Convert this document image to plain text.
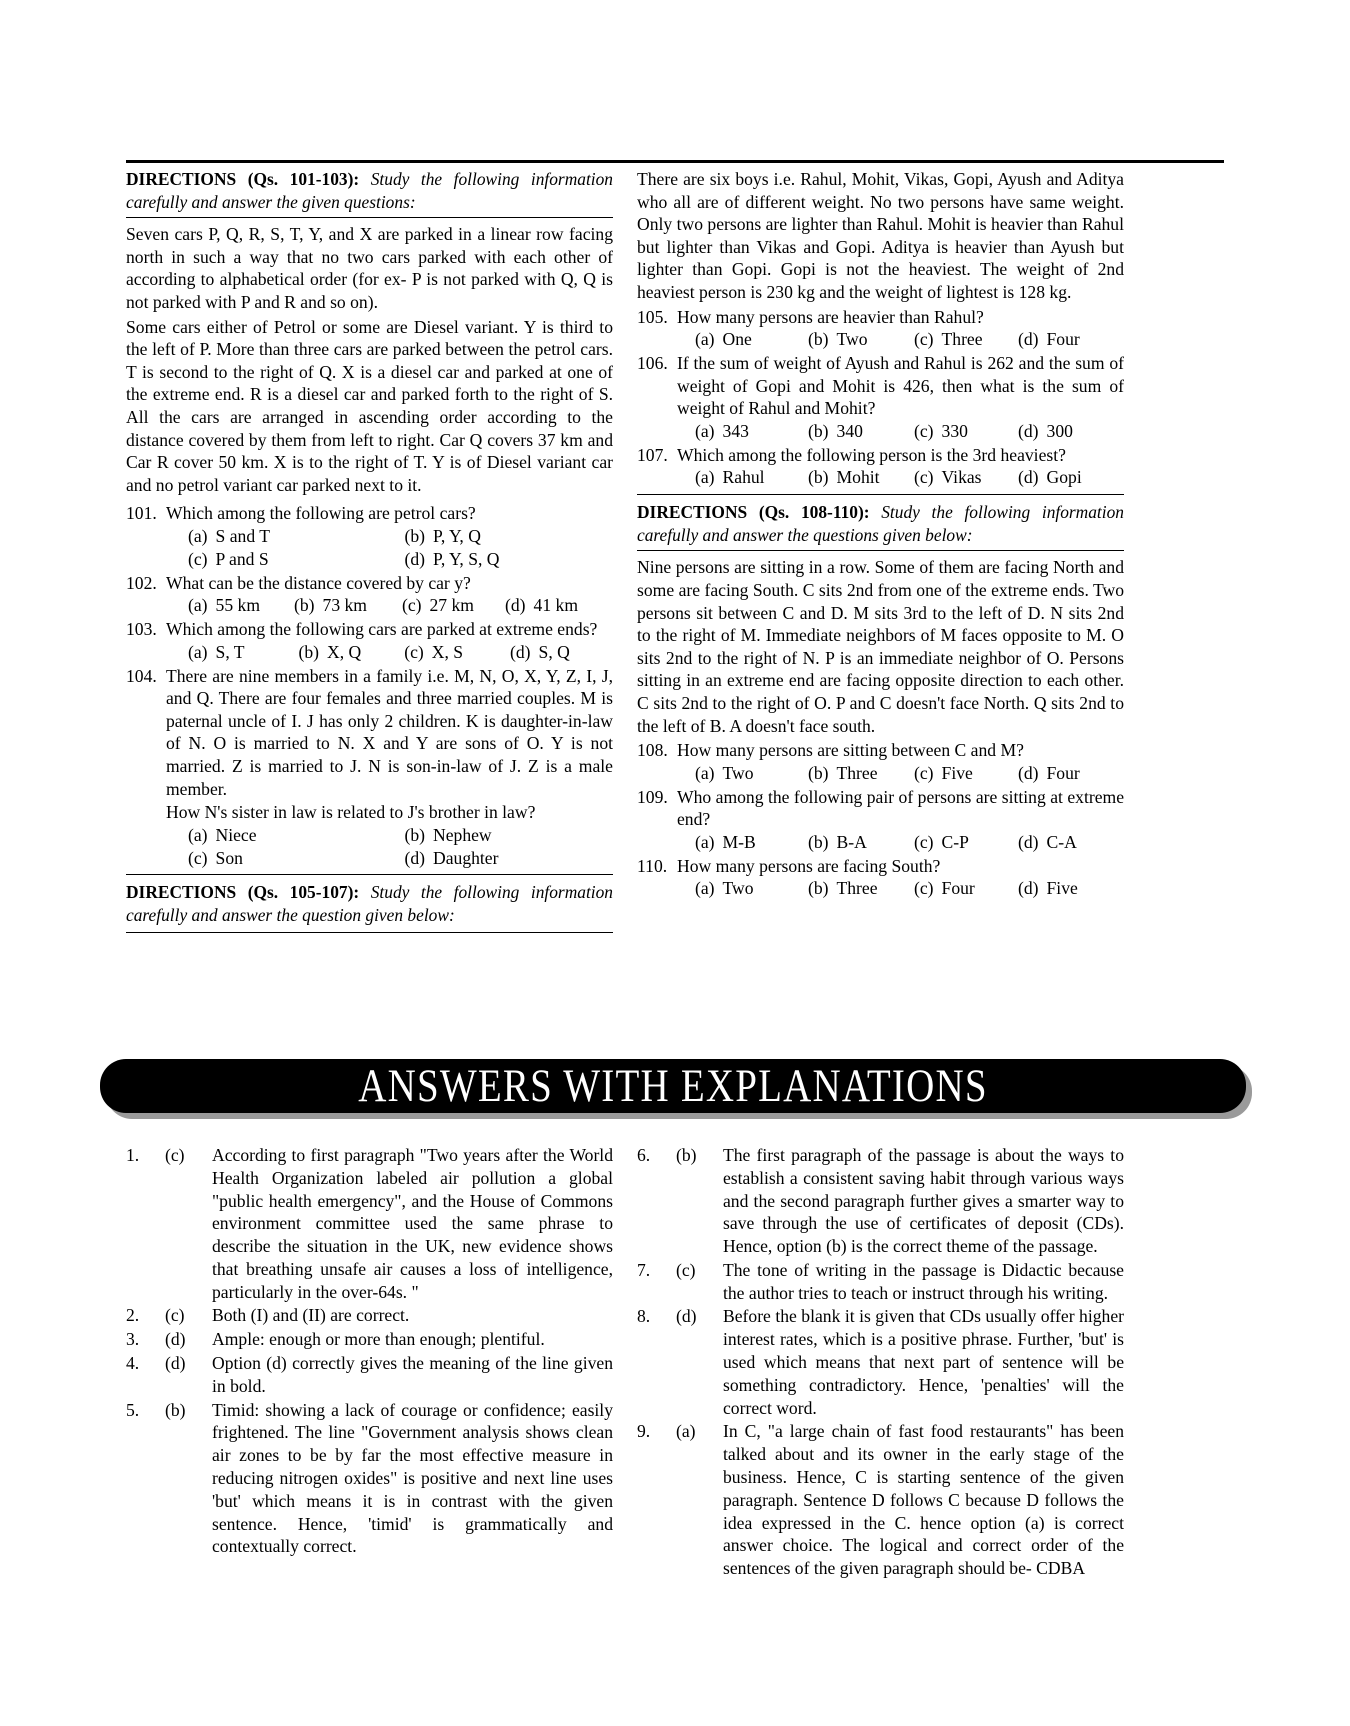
DIRECTIONS (Qs. 101-103): Study the following information carefully and answer the given questions:
Seven cars P, Q, R, S, T, Y, and X are parked in a linear row facing north in such a way that no two cars parked with each other of according to alphabetical order (for ex- P is not parked with Q, Q is not parked with P and R and so on).
Some cars either of Petrol or some are Diesel variant. Y is third to the left of P. More than three cars are parked between the petrol cars. T is second to the right of Q. X is a diesel car and parked at one of the extreme end. R is a diesel car and parked forth to the right of S. All the cars are arranged in ascending order according to the distance covered by them from left to right. Car Q covers 37 km and Car R cover 50 km. X is to the right of T. Y is of Diesel variant car and no petrol variant car parked next to it.
101. Which among the following are petrol cars?
(a) S and T	(b) P, Y, Q
(c) P and S	(d) P, Y, S, Q
102. What can be the distance covered by car y?
(a) 55 km (b) 73 km (c) 27 km (d) 41 km
103. Which among the following cars are parked at extreme ends?
(a) S, T	(b) X, Q (c) X, S	(d) S, Q
104. There are nine members in a family i.e. M, N, O, X, Y, Z, I, J, and Q. There are four females and three married couples. M is paternal uncle of I. J has only 2 children. K is daughter-in-law of N. O is married to N. X and Y are sons of O. Y is not married. Z is married to J. N is son-in-law of J. Z is a male member.
How N's sister in law is related to J's brother in law?
(a) Niece	(b) Nephew
(c) Son	(d) Daughter
DIRECTIONS (Qs. 105-107): Study the following information carefully and answer the question given below:
There are six boys i.e. Rahul, Mohit, Vikas, Gopi, Ayush and Aditya who all are of different weight. No two persons have same weight. Only two persons are lighter than Rahul. Mohit is heavier than Rahul but lighter than Vikas and Gopi. Aditya is heavier than Ayush but lighter than Gopi. Gopi is not the heaviest. The weight of 2nd heaviest person is 230 kg and the weight of lightest is 128 kg.
105. How many persons are heavier than Rahul?
(a) One	(b) Two	(c) Three (d) Four
106. If the sum of weight of Ayush and Rahul is 262 and the sum of weight of Gopi and Mohit is 426, then what is the sum of weight of Rahul and Mohit?
(a) 343	(b) 340	(c) 330	(d) 300
107. Which among the following person is the 3rd heaviest?
(a) Rahul (b) Mohit (c) Vikas (d) Gopi
DIRECTIONS (Qs. 108-110): Study the following information carefully and answer the questions given below:
Nine persons are sitting in a row. Some of them are facing North and some are facing South. C sits 2nd from one of the extreme ends. Two persons sit between C and D. M sits 3rd to the left of D. N sits 2nd to the right of M. Immediate neighbors of M faces opposite to M. O sits 2nd to the right of N. P is an immediate neighbor of O. Persons sitting in an extreme end are facing opposite direction to each other. C sits 2nd to the right of O. P and C doesn't face North. Q sits 2nd to the left of B. A doesn't face south.
108. How many persons are sitting between C and M?
(a) Two	(b) Three (c) Five	(d) Four
109. Who among the following pair of persons are sitting at extreme end?
(a) M-B	(b) B-A	(c) C-P	(d) C-A
110. How many persons are facing South?
(a) Two	(b) Three (c) Four (d) Five
ANSWERS WITH EXPLANATIONS
1.	(c)	According to first paragraph "Two years after the World Health Organization labeled air pollution a global "public health emergency", and the House of Commons environment committee used the same phrase to describe the situation in the UK, new evidence shows that breathing unsafe air causes a loss of intelligence, particularly in the over-64s. "
2.	(c)	Both (I) and (II) are correct.
3.	(d)	Ample: enough or more than enough; plentiful.
4.	(d)	Option (d) correctly gives the meaning of the line given in bold.
5.	(b)	Timid: showing a lack of courage or confidence; easily frightened. The line "Government analysis shows clean air zones to be by far the most effective measure in reducing nitrogen oxides" is positive and next line uses 'but' which means it is in contrast with the given sentence. Hence, 'timid' is grammatically and contextually correct.
6.	(b)	The first paragraph of the passage is about the ways to establish a consistent saving habit through various ways and the second paragraph further gives a smarter way to save through the use of certificates of deposit (CDs). Hence, option (b) is the correct theme of the passage.
7.	(c)	The tone of writing in the passage is Didactic because the author tries to teach or instruct through his writing.
8.	(d)	Before the blank it is given that CDs usually offer higher interest rates, which is a positive phrase. Further, 'but' is used which means that next part of sentence will be something contradictory. Hence, 'penalties' will the correct word.
9.	(a)	In C, "a large chain of fast food restaurants" has been talked about and its owner in the early stage of the business. Hence, C is starting sentence of the given paragraph. Sentence D follows C because D follows the idea expressed in the C. hence option (a) is correct answer choice. The logical and correct order of the sentences of the given paragraph should be- CDBA
